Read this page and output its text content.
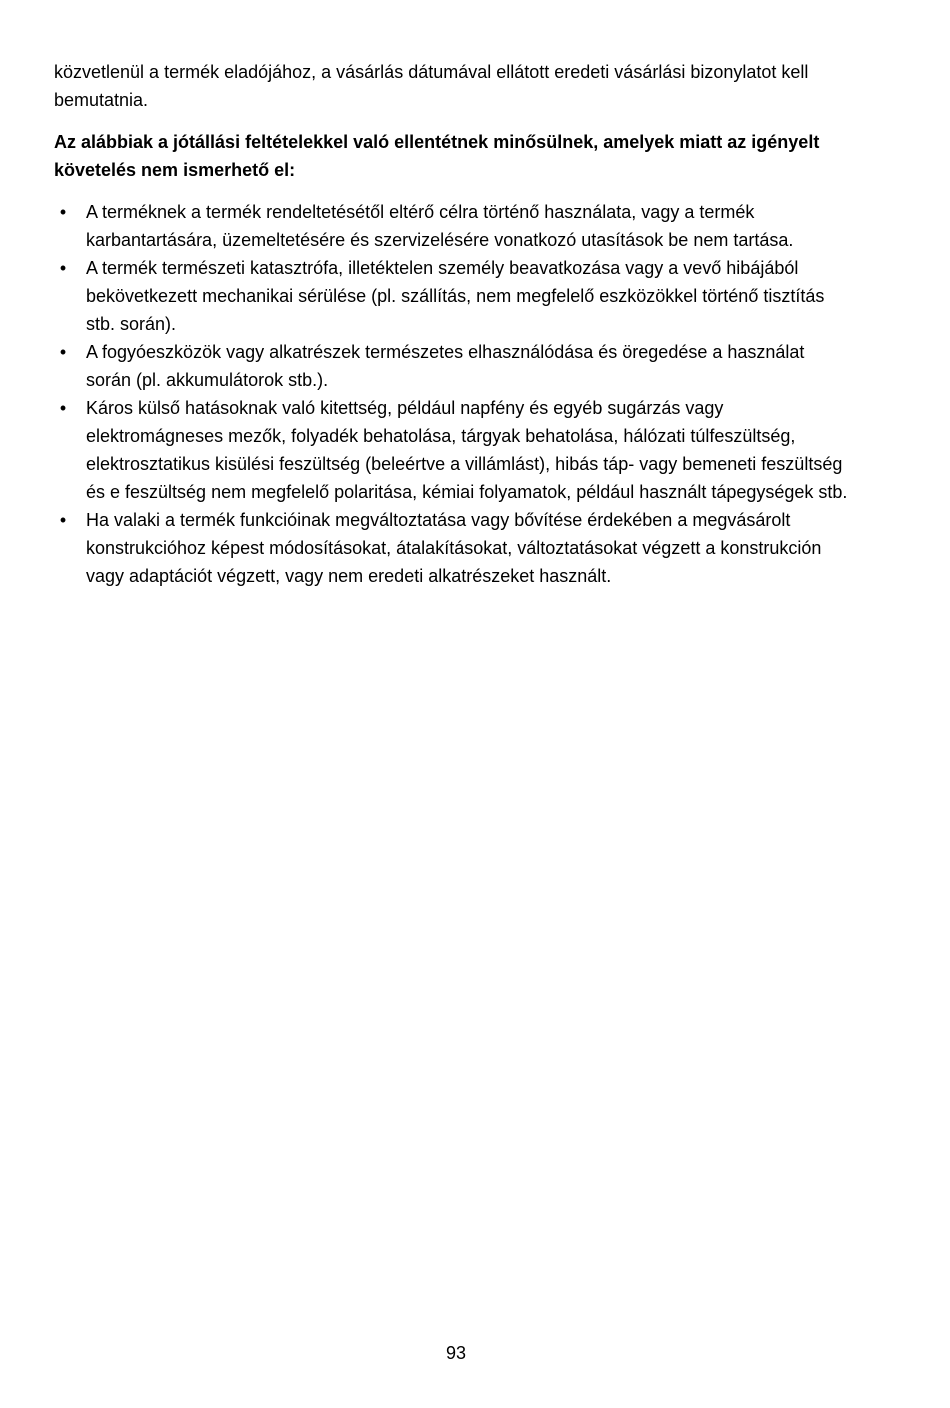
közvetlenül a termék eladójához, a vásárlás dátumával ellátott eredeti vásárlási bizonylatot kell bemutatnia.

Az alábbiak a jótállási feltételekkel való ellentétnek minősülnek, amelyek miatt az igényelt követelés nem ismerhető el:

• A terméknek a termék rendeltetésétől eltérő célra történő használata, vagy a termék karbantartására, üzemeltetésére és szervizelésére vonatkozó utasítások be nem tartása.
• A termék természeti katasztrófa, illetéktelen személy beavatkozása vagy a vevő hibájából bekövetkezett mechanikai sérülése (pl. szállítás, nem megfelelő eszközökkel történő tisztítás stb. során).
• A fogyóeszközök vagy alkatrészek természetes elhasználódása és öregedése a használat során (pl. akkumulátorok stb.).
• Káros külső hatásoknak való kitettség, például napfény és egyéb sugárzás vagy elektromágneses mezők, folyadék behatolása, tárgyak behatolása, hálózati túlfeszültség, elektrosztatikus kisülési feszültség (beleértve a villámlást), hibás táp- vagy bemeneti feszültség és e feszültség nem megfelelő polaritása, kémiai folyamatok, például használt tápegységek stb.
• Ha valaki a termék funkcióinak megváltoztatása vagy bővítése érdekében a megvásárolt konstrukcióhoz képest módosításokat, átalakításokat, változtatásokat végzett a konstrukción vagy adaptációt végzett, vagy nem eredeti alkatrészeket használt.
93
